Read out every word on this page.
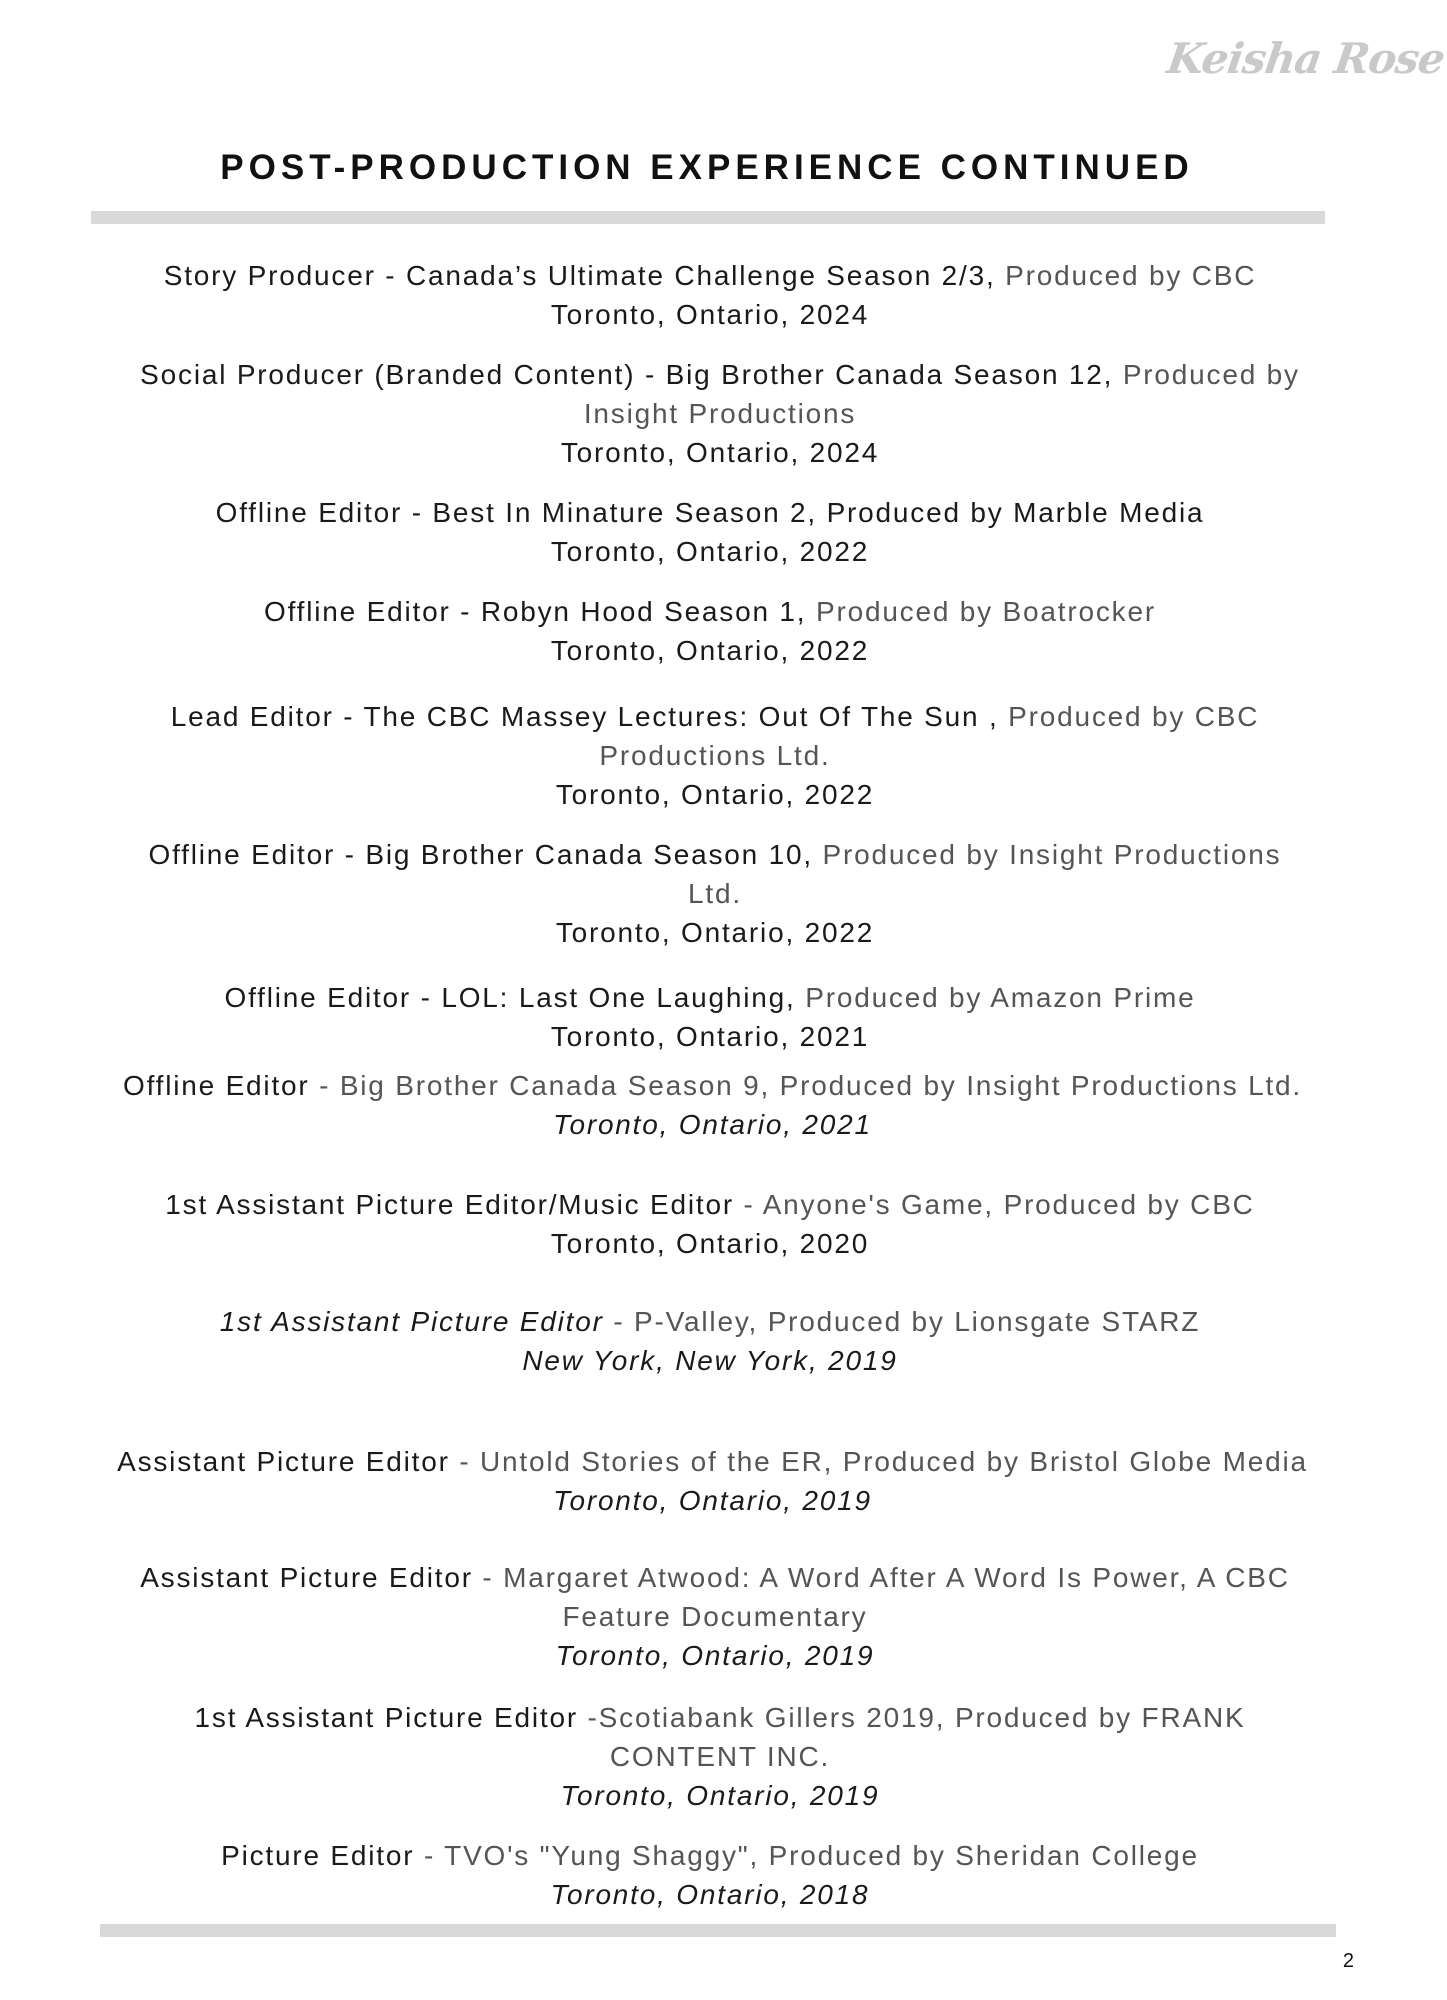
Keisha Rose
POST-PRODUCTION EXPERIENCE CONTINUED
Story Producer - Canada’s Ultimate Challenge Season 2/3, Produced by CBC
Toronto, Ontario, 2024
Social Producer (Branded Content) - Big Brother Canada Season 12, Produced by Insight Productions
Toronto, Ontario, 2024
Offline Editor - Best In Minature Season 2, Produced by Marble Media
Toronto, Ontario, 2022
Offline Editor - Robyn Hood Season 1, Produced by Boatrocker
Toronto, Ontario, 2022
Lead Editor - The CBC Massey Lectures: Out Of The Sun , Produced by CBC Productions Ltd.
Toronto, Ontario, 2022
Offline Editor - Big Brother Canada Season 10, Produced by Insight Productions Ltd.
Toronto, Ontario, 2022
Offline Editor - LOL: Last One Laughing, Produced by Amazon Prime
Toronto, Ontario, 2021
Offline Editor - Big Brother Canada Season 9, Produced by Insight Productions Ltd.
Toronto, Ontario, 2021
1st Assistant Picture Editor/Music Editor - Anyone's Game, Produced by CBC
Toronto, Ontario, 2020
1st Assistant Picture Editor - P-Valley, Produced by Lionsgate STARZ
New York, New York, 2019
Assistant Picture Editor - Untold Stories of the ER, Produced by Bristol Globe Media
Toronto, Ontario, 2019
Assistant Picture Editor - Margaret Atwood: A Word After A Word Is Power, A CBC Feature Documentary
Toronto, Ontario, 2019
1st Assistant Picture Editor -Scotiabank Gillers 2019, Produced by FRANK CONTENT INC.
Toronto, Ontario, 2019
Picture Editor - TVO's "Yung Shaggy", Produced by Sheridan College
Toronto, Ontario, 2018
2
